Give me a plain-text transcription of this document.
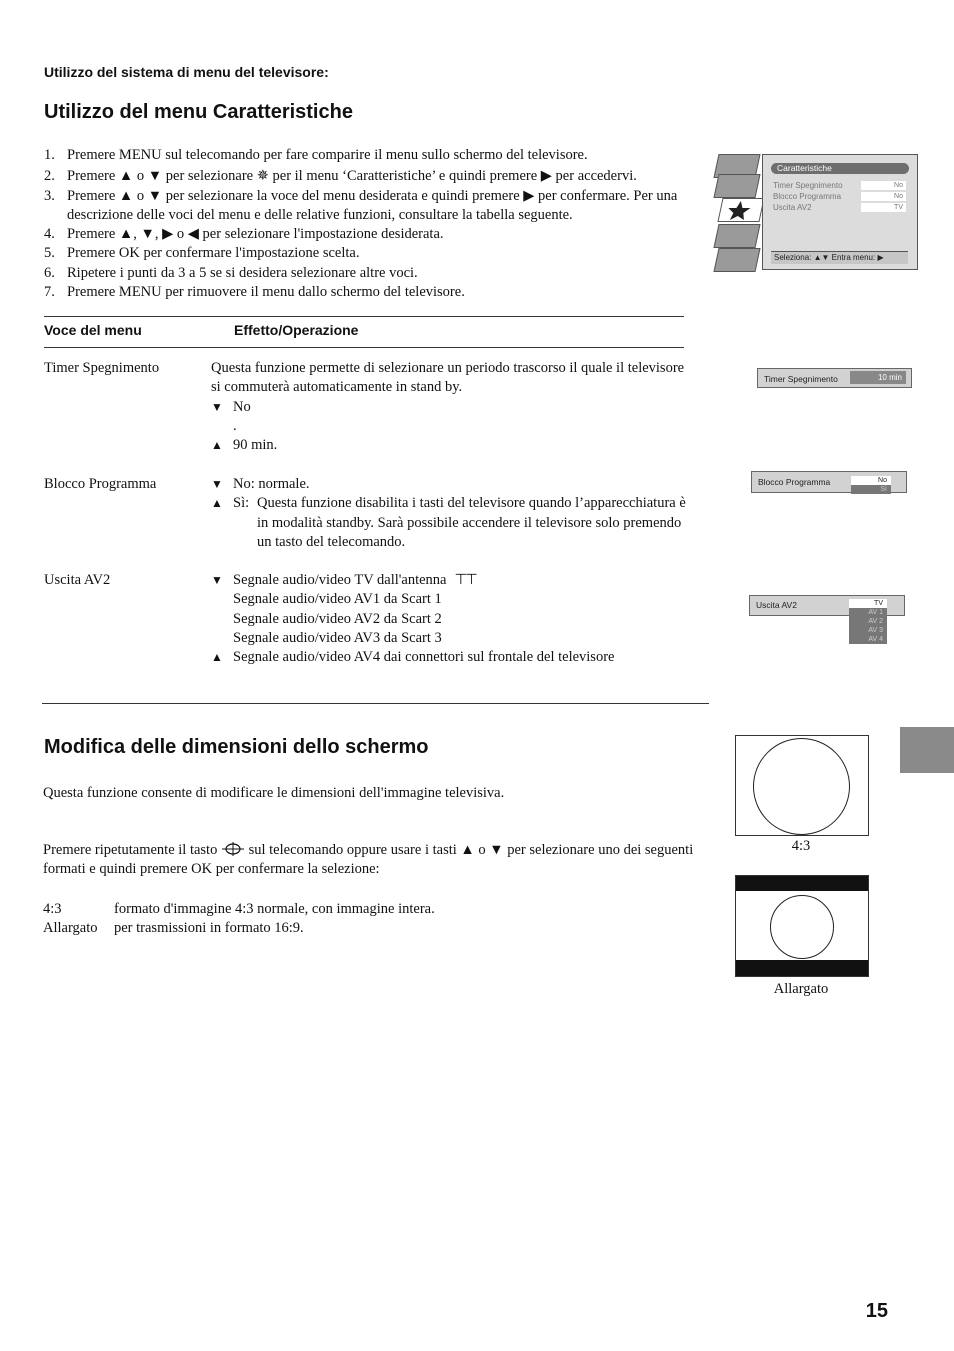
Utilizzo del sistema di menu del televisore:
Utilizzo del menu Caratteristiche
1. Premere MENU sul telecomando per fare comparire il menu sullo schermo del televisore.
2. Premere ▲ o ▼ per selezionare ✵ per il menu ‘Caratteristiche’ e quindi premere ▶ per accedervi.
3. Premere ▲ o ▼ per selezionare la voce del menu desiderata e quindi premere ▶ per confermare. Per una descrizione delle voci del menu e delle relative funzioni, consultare la tabella seguente.
4. Premere ▲, ▼, ▶ o ◀ per selezionare l'impostazione desiderata.
5. Premere OK per confermare l'impostazione scelta.
6. Ripetere i punti da 3 a 5 se si desidera selezionare altre voci.
7. Premere MENU per rimuovere il menu dallo schermo del televisore.
Caratteristiche
Timer Spegnimento
Blocco Programma
Uscita AV2
No
No
TV
Seleziona: ▲▼ Entra menu: ▶
Voce del menu	Effetto/Operazione
Timer Spegnimento	Questa funzione permette di selezionare un periodo trascorso il quale il televisore si commuterà automaticamente in stand by.
▼ No
.
▲ 90 min.
Timer Spegnimento	10 min
Blocco Programma	▼ No: normale.
▲ Sì: Questa funzione disabilita i tasti del televisore quando l’apparecchiatura è in modalità standby. Sarà possibile accendere il televisore solo premendo un tasto del telecomando.
Blocco Programma	No
Sì
Uscita AV2	▼ Segnale audio/video TV dall'antenna ⊤⊤
Segnale audio/video AV1 da Scart 1
Segnale audio/video AV2 da Scart 2
Segnale audio/video AV3 da Scart 3
▲ Segnale audio/video AV4 dai connettori sul frontale del televisore
Uscita AV2	TV
AV 1
AV 2
AV 3
AV 4
Modifica delle dimensioni dello schermo
Questa funzione consente di modificare le dimensioni dell'immagine televisiva.
Premere ripetutamente il tasto sul telecomando oppure usare i tasti ▲ o ▼ per selezionare uno dei seguenti formati e quindi premere OK per confermare la selezione:
4:3	formato d'immagine 4:3 normale, con immagine intera.
Allargato	per trasmissioni in formato 16:9.
4:3
Allargato
15
